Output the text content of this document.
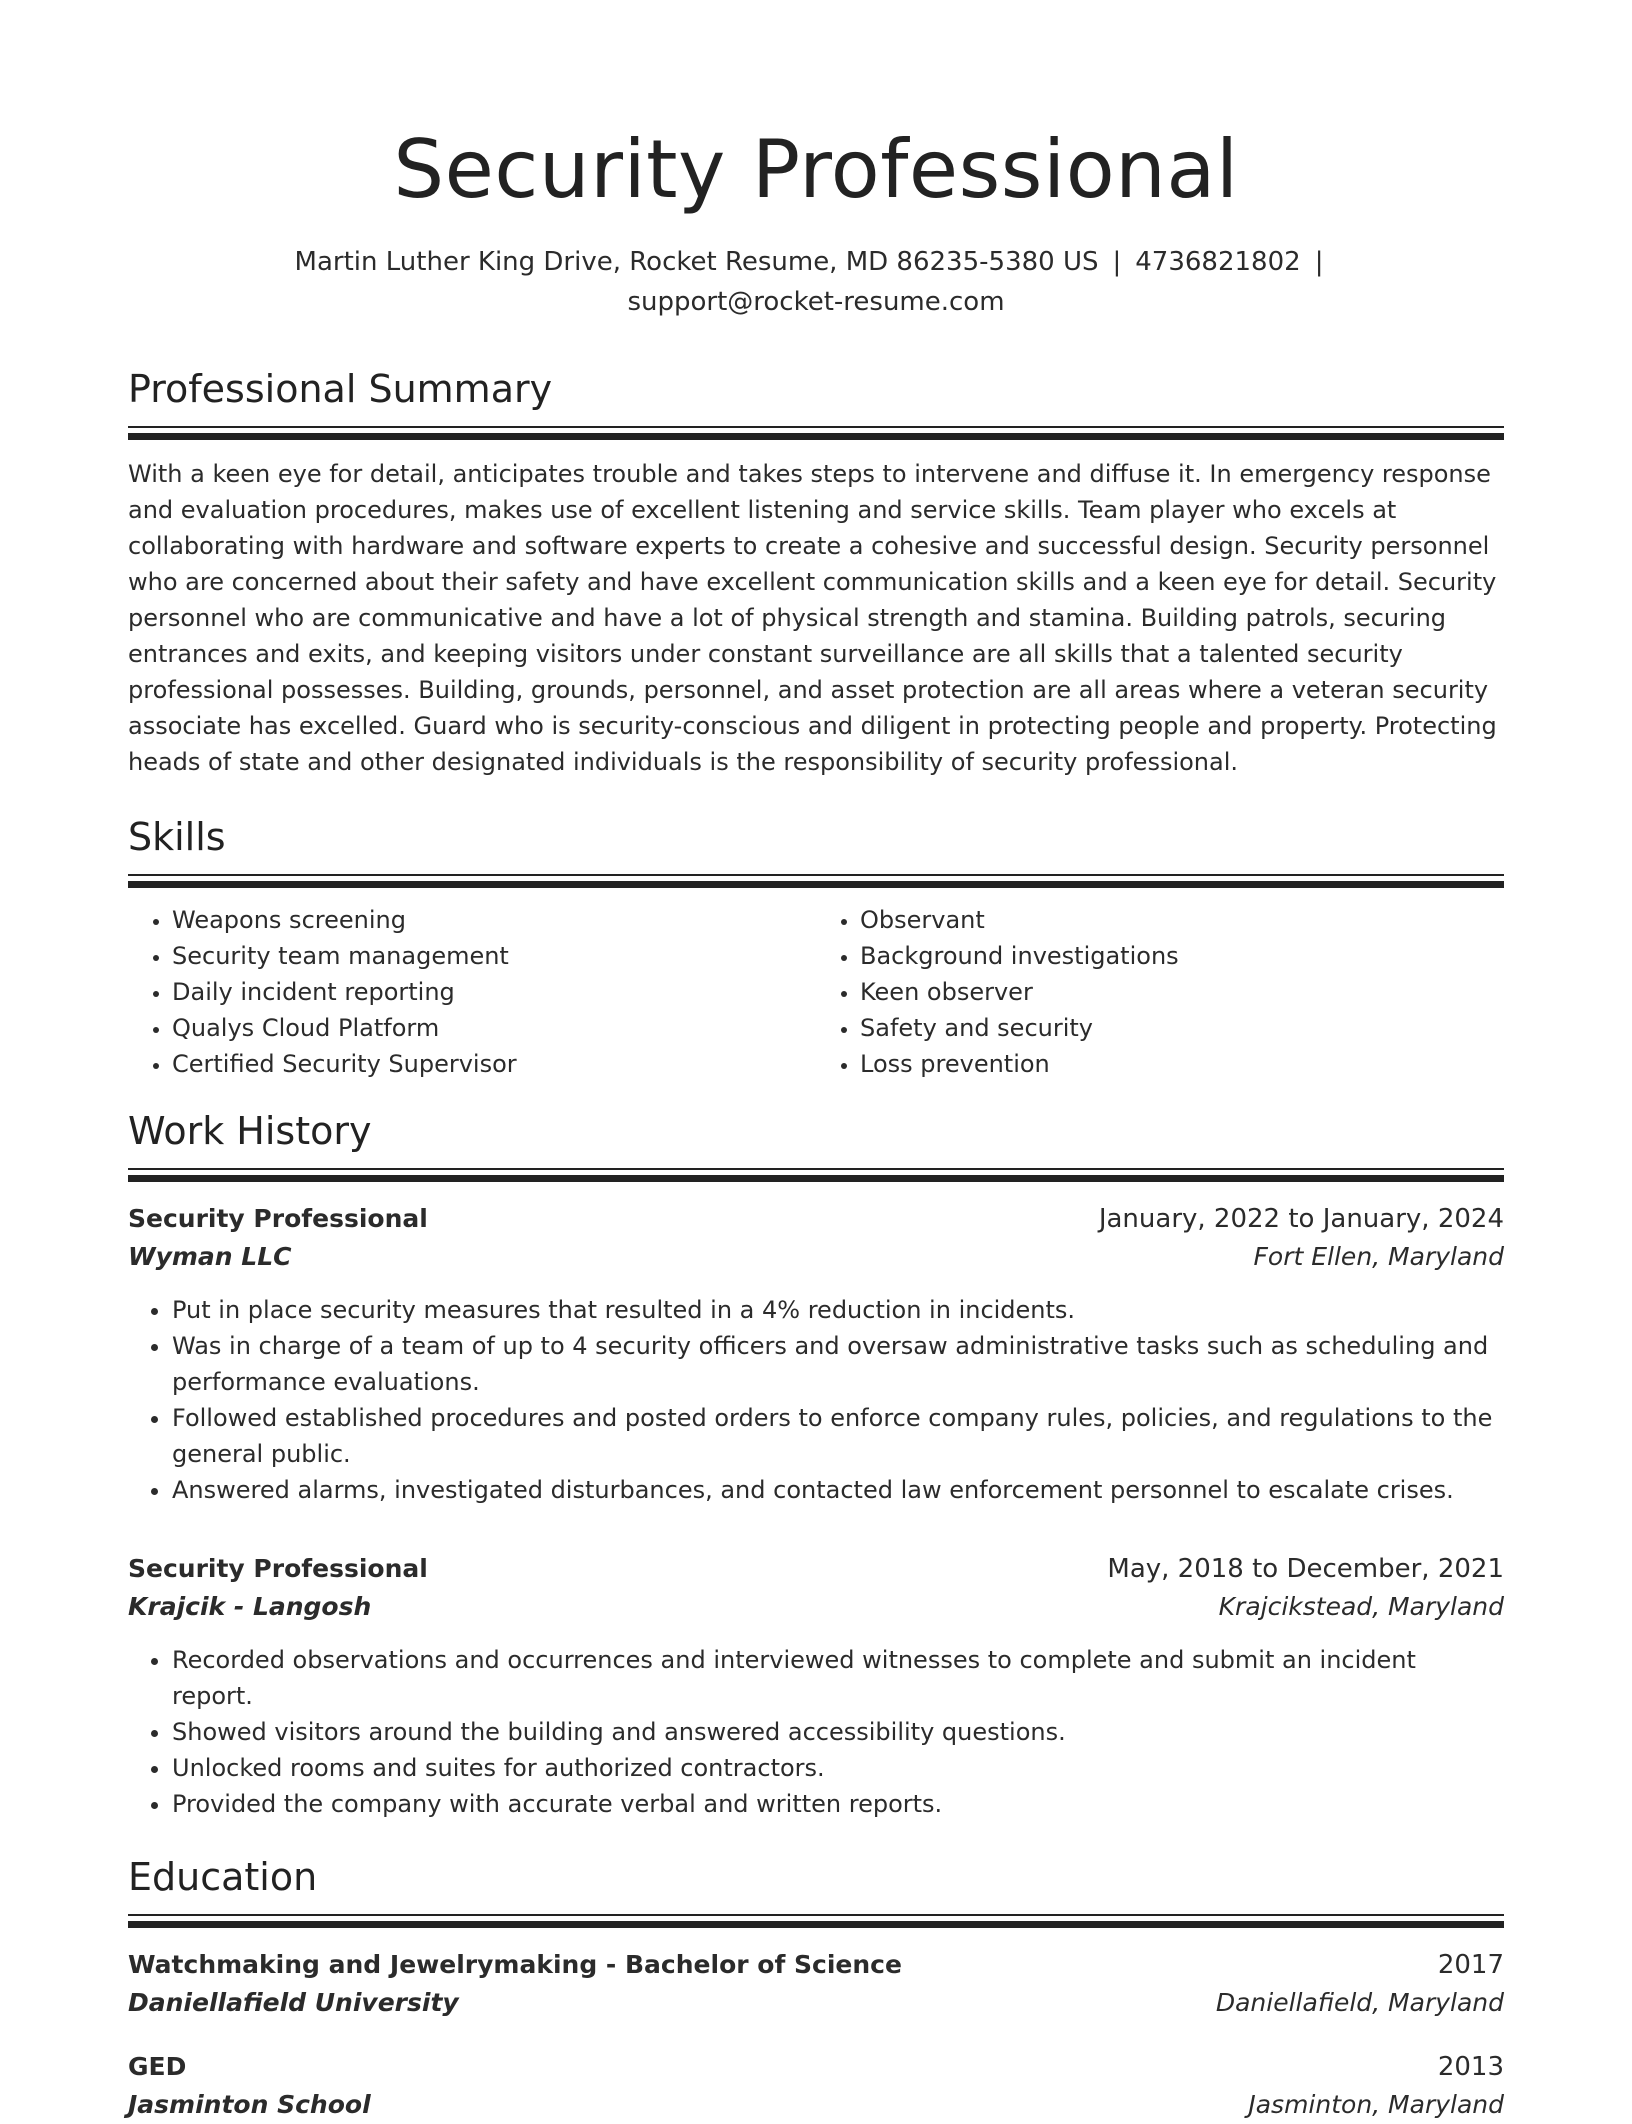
Security Professional
Martin Luther King Drive, Rocket Resume, MD 86235-5380 US | 4736821802 |
support@rocket-resume.com
Professional Summary

With a keen eye for detail, anticipates trouble and takes steps to intervene and diffuse it. In emergency response and evaluation procedures, makes use of excellent listening and service skills. Team player who excels at collaborating with hardware and software experts to create a cohesive and successful design. Security personnel who are concerned about their safety and have excellent communication skills and a keen eye for detail. Security personnel who are communicative and have a lot of physical strength and stamina. Building patrols, securing entrances and exits, and keeping visitors under constant surveillance are all skills that a talented security professional possesses. Building, grounds, personnel, and asset protection are all areas where a veteran security associate has excelled. Guard who is security-conscious and diligent in protecting people and property. Protecting heads of state and other designated individuals is the responsibility of security professional.

Skills
• Weapons screening
• Security team management
• Daily incident reporting
• Qualys Cloud Platform
• Certified Security Supervisor
• Observant
• Background investigations
• Keen observer
• Safety and security
• Loss prevention
Work History
Security Professional	January, 2022 to January, 2024
Wyman LLC	Fort Ellen, Maryland
• Put in place security measures that resulted in a 4% reduction in incidents.
• Was in charge of a team of up to 4 security officers and oversaw administrative tasks such as scheduling and performance evaluations.
• Followed established procedures and posted orders to enforce company rules, policies, and regulations to the general public.
• Answered alarms, investigated disturbances, and contacted law enforcement personnel to escalate crises.
Security Professional	May, 2018 to December, 2021
Krajcik - Langosh	Krajcikstead, Maryland
• Recorded observations and occurrences and interviewed witnesses to complete and submit an incident report.
• Showed visitors around the building and answered accessibility questions.
• Unlocked rooms and suites for authorized contractors.
• Provided the company with accurate verbal and written reports.
Education
Watchmaking and Jewelrymaking - Bachelor of Science	2017
Daniellafield University	Daniellafield, Maryland
GED	2013
Jasminton School	Jasminton, Maryland
